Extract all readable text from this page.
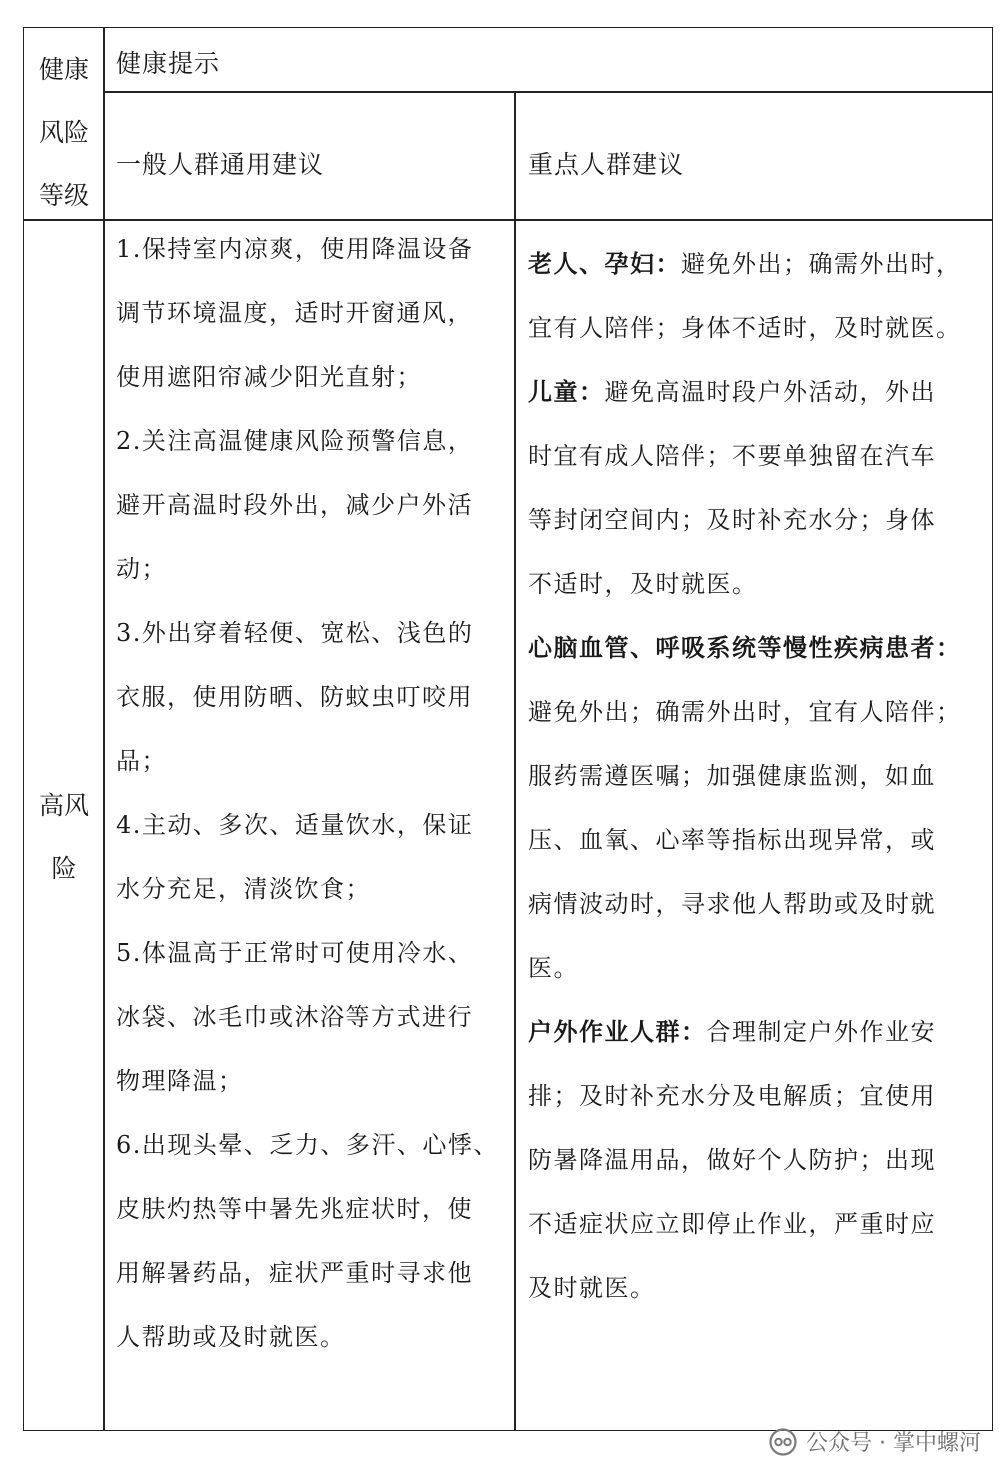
健康
风险
等级
健康提示
一般人群通用建议	重点人群建议
高风
险

1.保持室内凉爽，使用降温设备

调节环境温度，适时开窗通风，

使用遮阳帘减少阳光直射；

2.关注高温健康风险预警信息，

避开高温时段外出，减少户外活

动；

3.外出穿着轻便、宽松、浅色的

衣服，使用防晒、防蚊虫叮咬用

品；

4.主动、多次、适量饮水，保证

水分充足，清淡饮食；

5.体温高于正常时可使用冷水、

冰袋、冰毛巾或沐浴等方式进行

物理降温；

6.出现头晕、乏力、多汗、心悸、

皮肤灼热等中暑先兆症状时，使

用解暑药品，症状严重时寻求他

人帮助或及时就医。

老人、孕妇：避免外出；确需外出时，

宜有人陪伴；身体不适时，及时就医。

儿童：避免高温时段户外活动，外出

时宜有成人陪伴；不要单独留在汽车

等封闭空间内；及时补充水分；身体

不适时，及时就医。

心脑血管、呼吸系统等慢性疾病患者：

避免外出；确需外出时，宜有人陪伴；

服药需遵医嘱；加强健康监测，如血

压、血氧、心率等指标出现异常，或

病情波动时，寻求他人帮助或及时就

医。

户外作业人群：合理制定户外作业安

排；及时补充水分及电解质；宜使用

防暑降温用品，做好个人防护；出现

不适症状应立即停止作业，严重时应

及时就医。

公众号 · 掌中螺河
